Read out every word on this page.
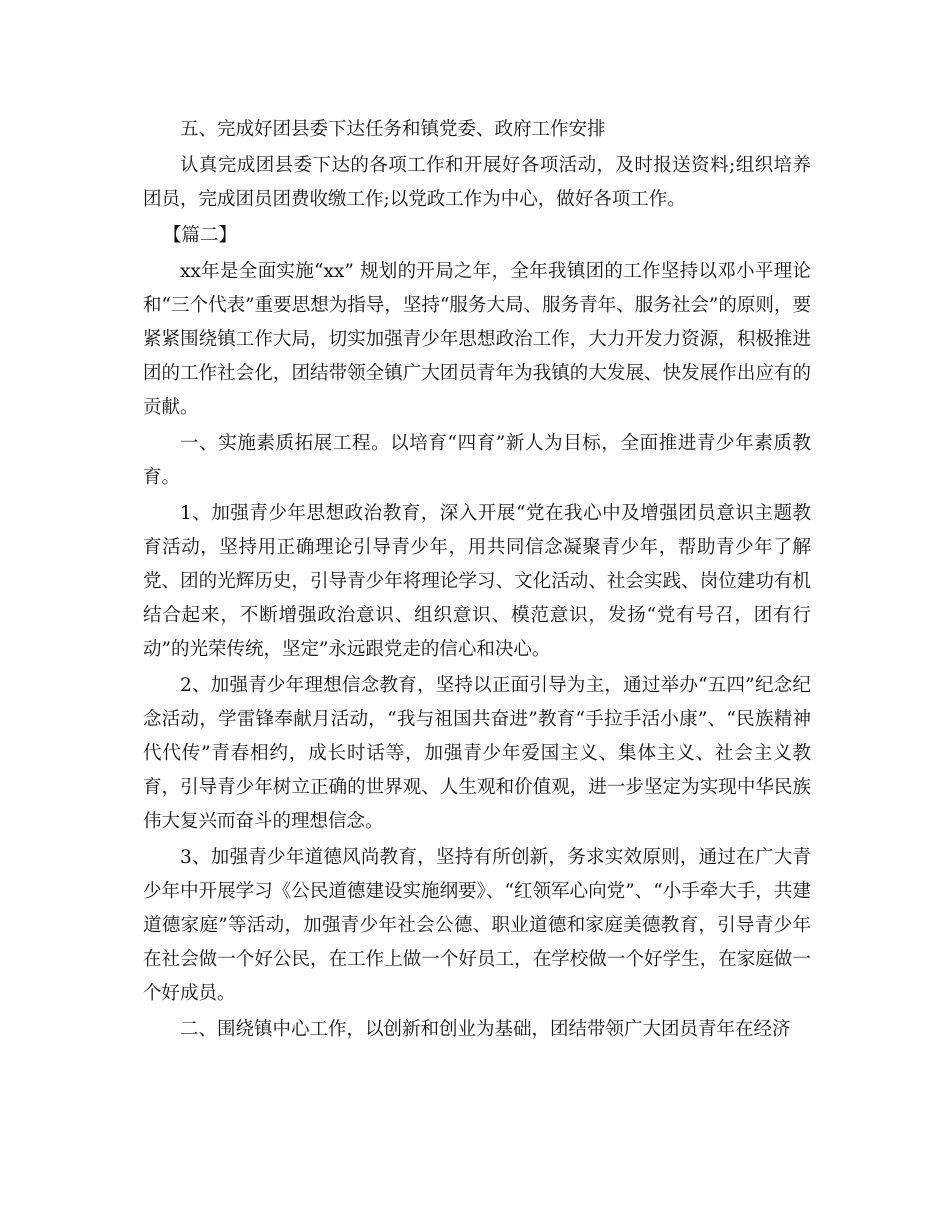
五、完成好团县委下达任务和镇党委、政府工作安排

认真完成团县委下达的各项工作和开展好各项活动，及时报送资料;组织培养团员，完成团员团费收缴工作;以党政工作为中心，做好各项工作。

【篇二】

xx年是全面实施“xx” 规划的开局之年，全年我镇团的工作坚持以邓小平理论和“三个代表”重要思想为指导，坚持“服务大局、服务青年、服务社会”的原则，要紧紧围绕镇工作大局，切实加强青少年思想政治工作，大力开发力资源，积极推进团的工作社会化，团结带领全镇广大团员青年为我镇的大发展、快发展作出应有的贡献。

一、实施素质拓展工程。以培育“四育”新人为目标，全面推进青少年素质教育。

1、加强青少年思想政治教育，深入开展“党在我心中及增强团员意识主题教育活动，坚持用正确理论引导青少年，用共同信念凝聚青少年，帮助青少年了解党、团的光辉历史，引导青少年将理论学习、文化活动、社会实践、岗位建功有机结合起来，不断增强政治意识、组织意识、模范意识，发扬“党有号召，团有行动”的光荣传统，坚定”永远跟党走的信心和决心。

2、加强青少年理想信念教育，坚持以正面引导为主，通过举办“五四”纪念纪念活动，学雷锋奉献月活动，“我与祖国共奋进”教育“手拉手活小康”、“民族精神代代传”青春相约，成长时话等，加强青少年爱国主义、集体主义、社会主义教育，引导青少年树立正确的世界观、人生观和价值观，进一步坚定为实现中华民族伟大复兴而奋斗的理想信念。

3、加强青少年道德风尚教育，坚持有所创新，务求实效原则，通过在广大青少年中开展学习《公民道德建设实施纲要》、“红领军心向党”、“小手牵大手，共建道德家庭”等活动，加强青少年社会公德、职业道德和家庭美德教育，引导青少年在社会做一个好公民，在工作上做一个好员工，在学校做一个好学生，在家庭做一个好成员。

二、围绕镇中心工作，以创新和创业为基础，团结带领广大团员青年在经济
